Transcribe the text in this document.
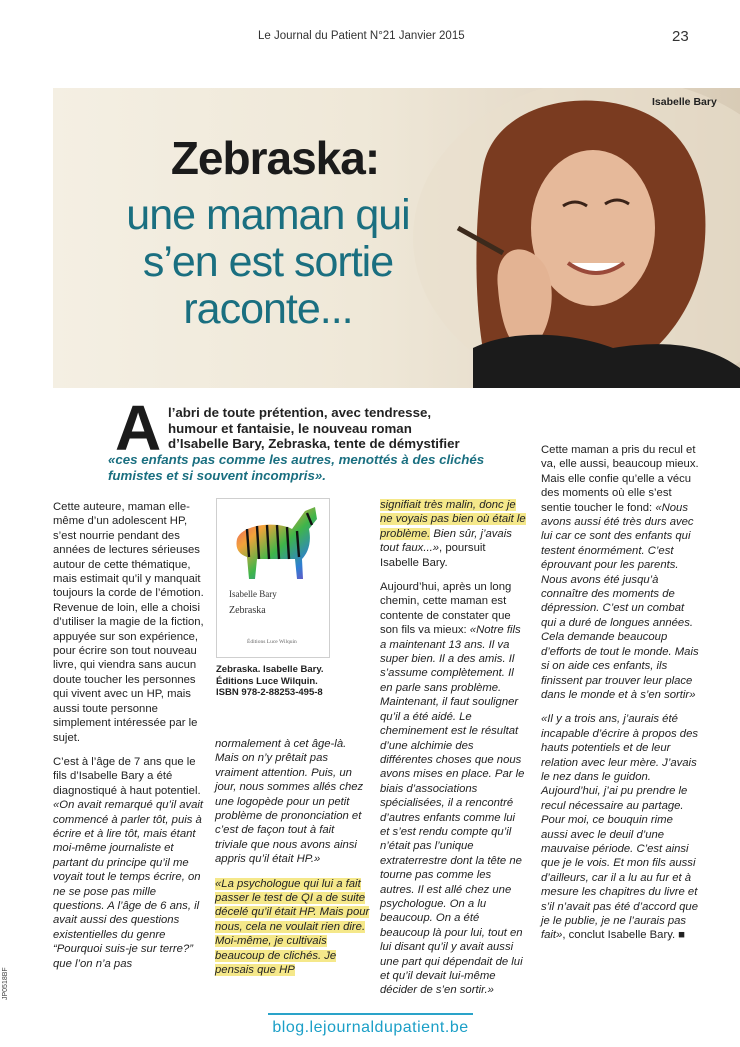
Le Journal du Patient N°21 Janvier 2015	23
Isabelle Bary
Zebraska:
une maman qui
s’en est sortie
raconte...
A l’abri de toute prétention, avec tendresse,
humour et fantaisie, le nouveau roman
d’Isabelle Bary, Zebraska, tente de démystifier
«ces enfants pas comme les autres, menottés à des clichés fumistes et si souvent incompris».

Cette auteure, maman elle-même d’un adolescent HP, s’est nourrie pendant des années de lectures sérieuses autour de cette thématique, mais estimait qu’il y manquait toujours la corde de l’émotion. Revenue de loin, elle a choisi d’utiliser la magie de la fiction, appuyée sur son expérience, pour écrire son tout nouveau livre, qui viendra sans aucun doute toucher les personnes qui vivent avec un HP, mais aussi toute personne simplement intéressée par le sujet.

C’est à l’âge de 7 ans que le fils d’Isabelle Bary a été diagnostiqué à haut potentiel. «On avait remarqué qu’il avait commencé à parler tôt, puis à écrire et à lire tôt, mais étant moi-même journaliste et partant du principe qu’il me voyait tout le temps écrire, on ne se pose pas mille questions. A l’âge de 6 ans, il avait aussi des questions existentielles du genre “Pourquoi suis-je sur terre?” que l’on n’a pas

Isabelle Bary
Zebraska
Éditions Luce Wilquin
Zebraska. Isabelle Bary.
Éditions Luce Wilquin.
ISBN 978-2-88253-495-8

normalement à cet âge-là. Mais on n’y prêtait pas vraiment attention. Puis, un jour, nous sommes allés chez une logopède pour un petit problème de prononciation et c’est de façon tout à fait triviale que nous avons ainsi appris qu’il était HP.»

«La psychologue qui lui a fait passer le test de QI a de suite décelé qu’il était HP. Mais pour nous, cela ne voulait rien dire. Moi-même, je cultivais beaucoup de clichés. Je pensais que HP

signifiait très malin, donc je ne voyais pas bien où était le problème. Bien sûr, j’avais tout faux...», poursuit Isabelle Bary.

Aujourd’hui, après un long chemin, cette maman est contente de constater que son fils va mieux: «Notre fils a maintenant 13 ans. Il va super bien. Il a des amis. Il s’assume complètement. Il en parle sans problème. Maintenant, il faut souligner qu’il a été aidé. Le cheminement est le résultat d’une alchimie des différentes choses que nous avons mises en place. Par le biais d’associations spécialisées, il a rencontré d’autres enfants comme lui et s’est rendu compte qu’il n’était pas l’unique extraterrestre dont la tête ne tourne pas comme les autres. Il est allé chez une psychologue. On a lu beaucoup. On a été beaucoup là pour lui, tout en lui disant qu’il y avait aussi une part qui dépendait de lui et qu’il devait lui-même décider de s’en sortir.»

Cette maman a pris du recul et va, elle aussi, beaucoup mieux. Mais elle confie qu’elle a vécu des moments où elle s’est sentie toucher le fond: «Nous avons aussi été très durs avec lui car ce sont des enfants qui testent énormément. C’est éprouvant pour les parents. Nous avons été jusqu’à connaître des moments de dépression. C’est un combat qui a duré de longues années. Cela demande beaucoup d’efforts de tout le monde. Mais si on aide ces enfants, ils finissent par trouver leur place dans le monde et à s’en sortir»

«Il y a trois ans, j’aurais été incapable d’écrire à propos des hauts potentiels et de leur relation avec leur mère. J’avais le nez dans le guidon. Aujourd’hui, j’ai pu prendre le recul nécessaire au partage. Pour moi, ce bouquin rime aussi avec le deuil d’une mauvaise période. C’est ainsi que je le vois. Et mon fils aussi d’ailleurs, car il a lu au fur et à mesure les chapitres du livre et s’il n’avait pas été d’accord que je le publie, je ne l’aurais pas fait», conclut Isabelle Bary. ■

blog.lejournaldupatient.be
JP0518BF
